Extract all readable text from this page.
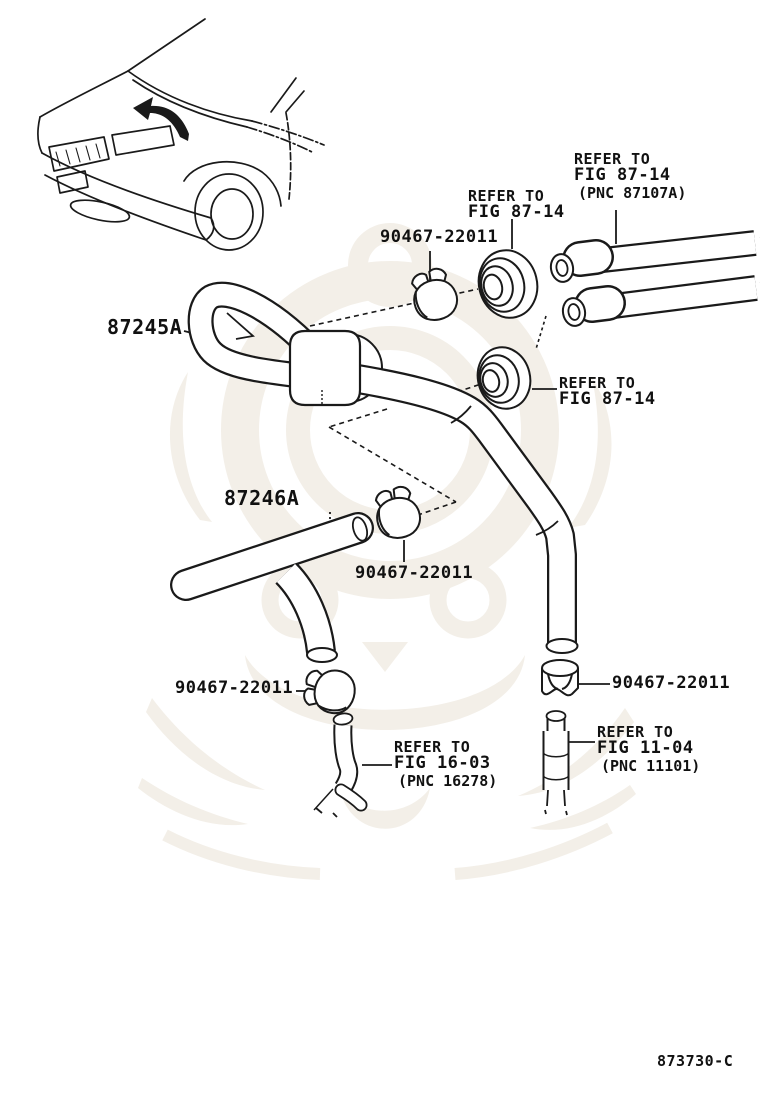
90467-22011
REFER TO
FIG 87-14
(PNC 87107A)
REFER TO
FIG 87-14
87245A
REFER TO
FIG 87-14
87246A
90467-22011
90467-22011	90467-22011
REFER TO
FIG 16-03
(PNC 16278)
REFER TO
FIG 11-04
(PNC 11101)
873730-C
